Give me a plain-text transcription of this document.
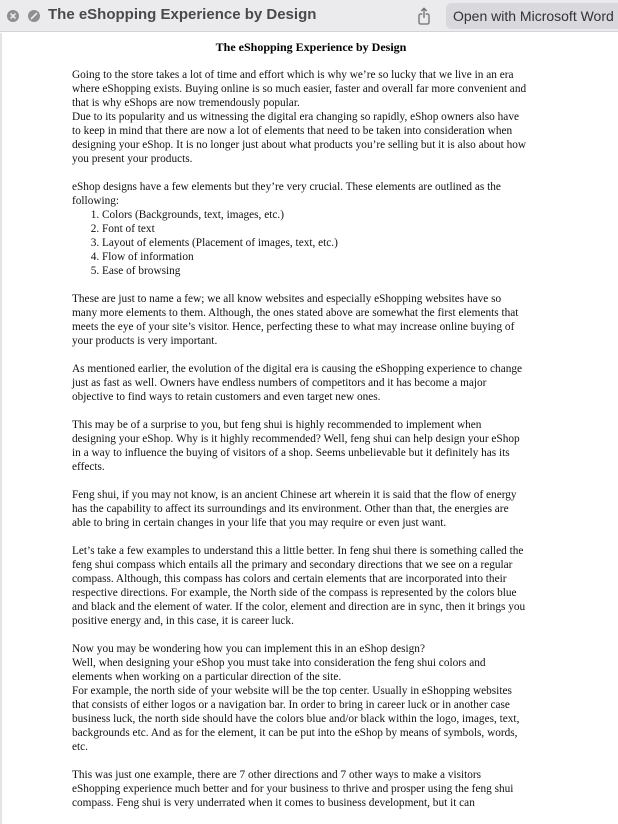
The eShopping Experience by Design	Open with Microsoft Word
The eShopping Experience by Design

Going to the store takes a lot of time and effort which is why we’re so lucky that we live in an era where eShopping exists. Buying online is so much easier, faster and overall far more convenient and that is why eShops are now tremendously popular.

Due to its popularity and us witnessing the digital era changing so rapidly, eShop owners also have to keep in mind that there are now a lot of elements that need to be taken into consideration when designing your eShop. It is no longer just about what products you’re selling but it is also about how you present your products.

eShop designs have a few elements but they’re very crucial. These elements are outlined as the following:

1. Colors (Backgrounds, text, images, etc.)
2. Font of text
3. Layout of elements (Placement of images, text, etc.)
4. Flow of information
5. Ease of browsing

These are just to name a few; we all know websites and especially eShopping websites have so many more elements to them. Although, the ones stated above are somewhat the first elements that meets the eye of your site’s visitor. Hence, perfecting these to what may increase online buying of your products is very important.

As mentioned earlier, the evolution of the digital era is causing the eShopping experience to change just as fast as well. Owners have endless numbers of competitors and it has become a major objective to find ways to retain customers and even target new ones.

This may be of a surprise to you, but feng shui is highly recommended to implement when designing your eShop. Why is it highly recommended? Well, feng shui can help design your eShop in a way to influence the buying of visitors of a shop. Seems unbelievable but it definitely has its effects.

Feng shui, if you may not know, is an ancient Chinese art wherein it is said that the flow of energy has the capability to affect its surroundings and its environment. Other than that, the energies are able to bring in certain changes in your life that you may require or even just want.

Let’s take a few examples to understand this a little better. In feng shui there is something called the feng shui compass which entails all the primary and secondary directions that we see on a regular compass. Although, this compass has colors and certain elements that are incorporated into their respective directions. For example, the North side of the compass is represented by the colors blue and black and the element of water. If the color, element and direction are in sync, then it brings you positive energy and, in this case, it is career luck.

Now you may be wondering how you can implement this in an eShop design?

Well, when designing your eShop you must take into consideration the feng shui colors and elements when working on a particular direction of the site.

For example, the north side of your website will be the top center. Usually in eShopping websites that consists of either logos or a navigation bar. In order to bring in career luck or in another case business luck, the north side should have the colors blue and/or black within the logo, images, text, backgrounds etc. And as for the element, it can be put into the eShop by means of symbols, words, etc.

This was just one example, there are 7 other directions and 7 other ways to make a visitors eShopping experience much better and for your business to thrive and prosper using the feng shui compass. Feng shui is very underrated when it comes to business development, but it can
